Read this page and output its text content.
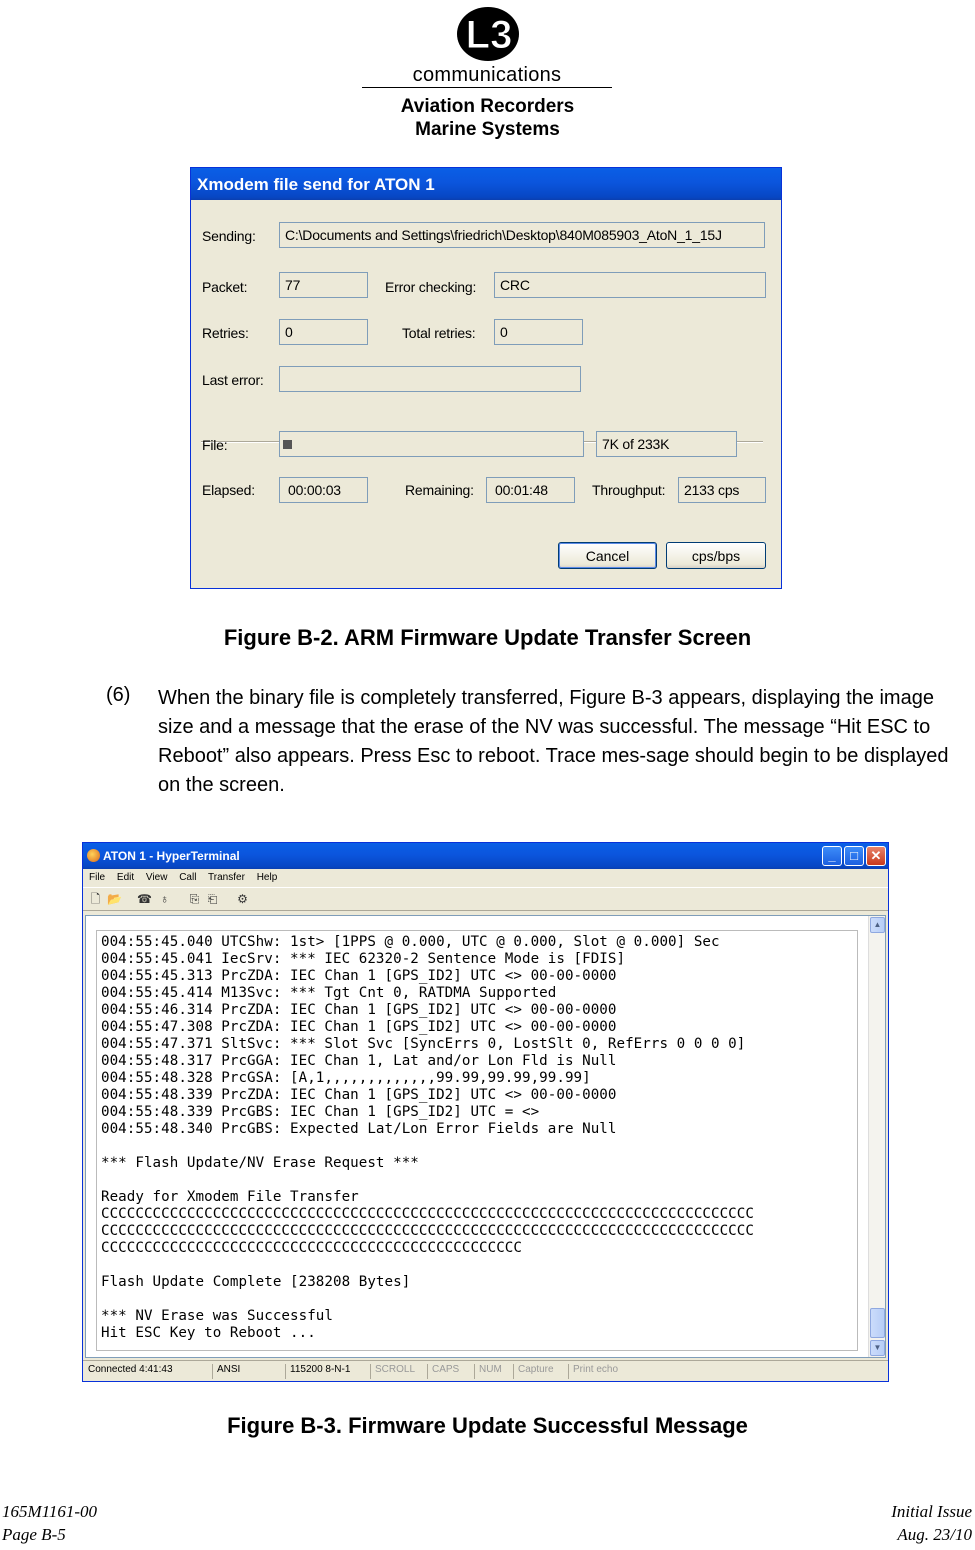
L3
communications
Aviation Recorders
Marine Systems
Xmodem file send for ATON 1
Sending:	C:\Documents and Settings\friedrich\Desktop\840M085903_AtoN_1_15J
Packet:	77	Error checking:	CRC
Retries:	0	Total retries:	0
Last error:
File:	7K of 233K
Elapsed:	00:00:03	Remaining:	00:01:48	Throughput:	2133 cps
Cancel	cps/bps
Figure B-2. ARM Firmware Update Transfer Screen
(6) When the binary file is completely transferred, Figure B-3 appears, displaying the image size and a message that the erase of the NV was successful. The message “Hit ESC to Reboot” also appears. Press Esc to reboot. Trace mes-sage should begin to be displayed on the screen.
ATON 1 - HyperTerminal	_	□ ✕
File Edit View Call Transfer Help
🗋 📂 ☎ ♁ ⎘ ⎗ ⚙
004:55:45.040 UTCShw: 1st> [1PPS @ 0.000, UTC @ 0.000, Slot @ 0.000] Sec
004:55:45.041 IecSrv: *** IEC 62320-2 Sentence Mode is [FDIS]
004:55:45.313 PrcZDA: IEC Chan 1 [GPS_ID2] UTC <> 00-00-0000
004:55:45.414 M13Svc: *** Tgt Cnt 0, RATDMA Supported
004:55:46.314 PrcZDA: IEC Chan 1 [GPS_ID2] UTC <> 00-00-0000
004:55:47.308 PrcZDA: IEC Chan 1 [GPS_ID2] UTC <> 00-00-0000
004:55:47.371 SltSvc: *** Slot Svc [SyncErrs 0, LostSlt 0, RefErrs 0 0 0 0]
004:55:48.317 PrcGGA: IEC Chan 1, Lat and/or Lon Fld is Null
004:55:48.328 PrcGSA: [A,1,,,,,,,,,,,,,99.99,99.99,99.99]
004:55:48.339 PrcZDA: IEC Chan 1 [GPS_ID2] UTC <> 00-00-0000
004:55:48.339 PrcGBS: IEC Chan 1 [GPS_ID2] UTC = <>
004:55:48.340 PrcGBS: Expected Lat/Lon Error Fields are Null

*** Flash Update/NV Erase Request ***

Ready for Xmodem File Transfer
CCCCCCCCCCCCCCCCCCCCCCCCCCCCCCCCCCCCCCCCCCCCCCCCCCCCCCCCCCCCCCCCCCCCCCCCCCCC
CCCCCCCCCCCCCCCCCCCCCCCCCCCCCCCCCCCCCCCCCCCCCCCCCCCCCCCCCCCCCCCCCCCCCCCCCCCC
CCCCCCCCCCCCCCCCCCCCCCCCCCCCCCCCCCCCCCCCCCCCCCCCC

Flash Update Complete [238208 Bytes]

*** NV Erase was Successful
Hit ESC Key to Reboot ...
▲
▼
Connected 4:41:43	ANSI	115200 8-N-1	SCROLL	CAPS	NUM	Capture	Print echo
Figure B-3. Firmware Update Successful Message
165M1161-00
Page B-5
Initial Issue
Aug. 23/10
